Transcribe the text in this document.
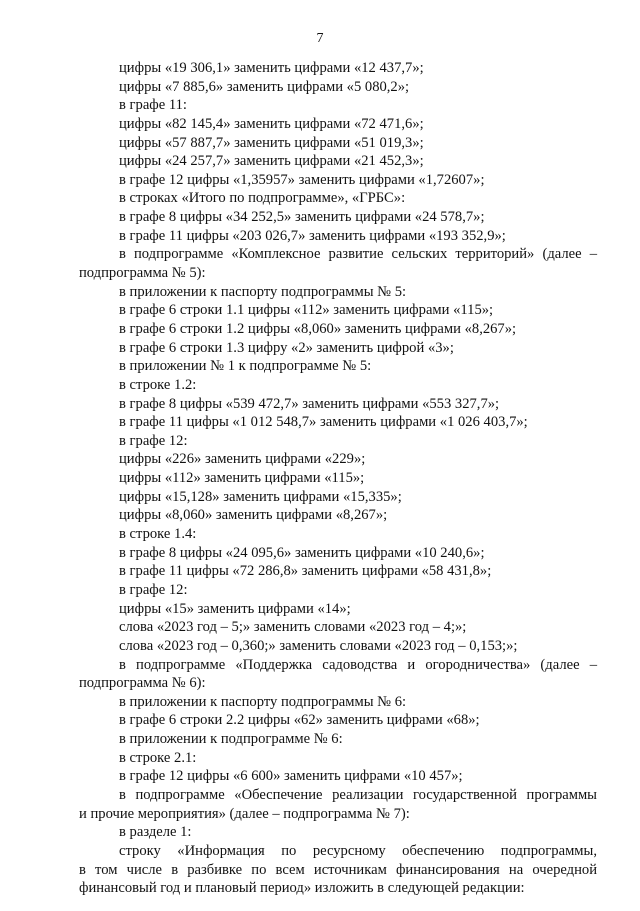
7
цифры «19 306,1» заменить цифрами «12 437,7»;
цифры «7 885,6» заменить цифрами «5 080,2»;
в графе 11:
цифры «82 145,4» заменить цифрами «72 471,6»;
цифры «57 887,7» заменить цифрами «51 019,3»;
цифры «24 257,7» заменить цифрами «21 452,3»;
в графе 12 цифры «1,35957» заменить цифрами «1,72607»;
в строках «Итого по подпрограмме», «ГРБС»:
в графе 8 цифры «34 252,5» заменить цифрами «24 578,7»;
в графе 11 цифры «203 026,7» заменить цифрами «193 352,9»;
в подпрограмме «Комплексное развитие сельских территорий» (далее –
подпрограмма № 5):
в приложении к паспорту подпрограммы № 5:
в графе 6 строки 1.1 цифры «112» заменить цифрами «115»;
в графе 6 строки 1.2 цифры «8,060» заменить цифрами «8,267»;
в графе 6 строки 1.3 цифру «2» заменить цифрой «3»;
в приложении № 1 к подпрограмме № 5:
в строке 1.2:
в графе 8 цифры «539 472,7» заменить цифрами «553 327,7»;
в графе 11 цифры «1 012 548,7» заменить цифрами «1 026 403,7»;
в графе 12:
цифры «226» заменить цифрами «229»;
цифры «112» заменить цифрами «115»;
цифры «15,128» заменить цифрами «15,335»;
цифры «8,060» заменить цифрами «8,267»;
в строке 1.4:
в графе 8 цифры «24 095,6» заменить цифрами «10 240,6»;
в графе 11 цифры «72 286,8» заменить цифрами «58 431,8»;
в графе 12:
цифры «15» заменить цифрами «14»;
слова «2023 год – 5;» заменить словами «2023 год – 4;»;
слова «2023 год – 0,360;» заменить словами «2023 год – 0,153;»;
в подпрограмме «Поддержка садоводства и огородничества» (далее –
подпрограмма № 6):
в приложении к паспорту подпрограммы № 6:
в графе 6 строки 2.2 цифры «62» заменить цифрами «68»;
в приложении к подпрограмме № 6:
в строке 2.1:
в графе 12 цифры «6 600» заменить цифрами «10 457»;
в подпрограмме «Обеспечение реализации государственной программы
и прочие мероприятия» (далее – подпрограмма № 7):
в разделе 1:
строку «Информация по ресурсному обеспечению подпрограммы,
в том числе в разбивке по всем источникам финансирования на очередной
финансовый год и плановый период» изложить в следующей редакции:
